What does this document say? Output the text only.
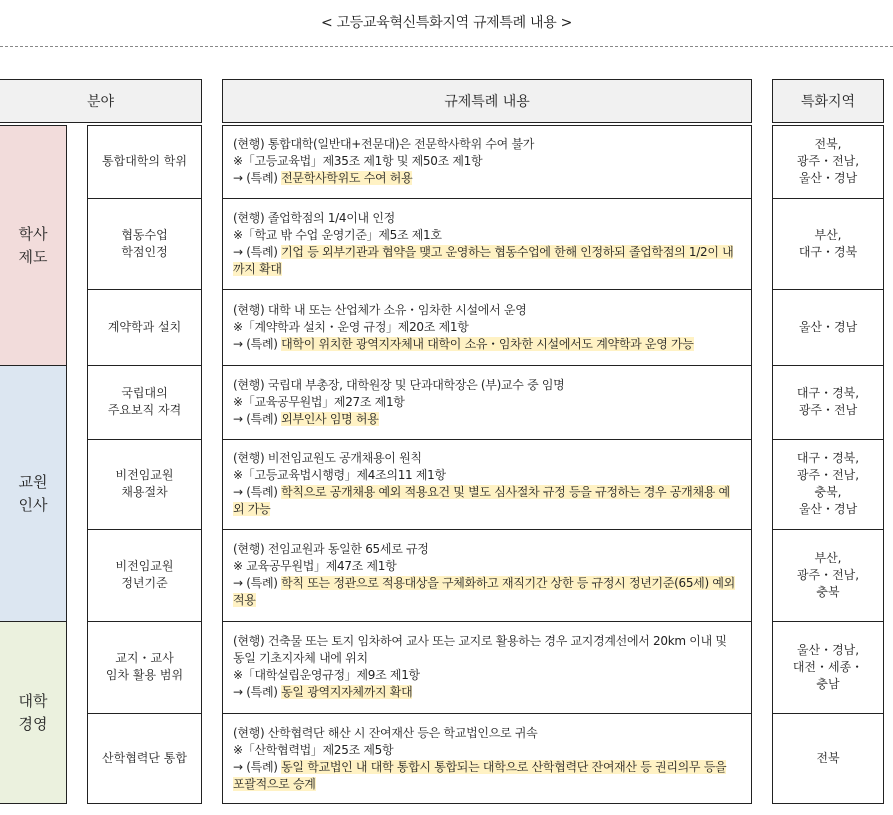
< 고등교육혁신특화지역 규제특례 내용 >
분야	규제특례 내용	특화지역
학사
제도
교원
인사
대학
경영
통합대학의 학위
(현행) 통합대학(일반대+전문대)은 전문학사학위 수여 불가
※「고등교육법」제35조 제1항 및 제50조 제1항
→ (특례) 전문학사학위도 수여 허용
전북,
광주・전남,
울산・경남
협동수업
학점인정
(현행) 졸업학점의 1/4이내 인정
※「학교 밖 수업 운영기준」제5조 제1호
→ (특례) 기업 등 외부기관과 협약을 맺고 운영하는 협동수업에 한해 인정하되 졸업학점의 1/2이 내 까지 확대
부산,
대구・경북
계약학과 설치
(현행) 대학 내 또는 산업체가 소유・임차한 시설에서 운영
※「계약학과 설치・운영 규정」제20조 제1항
→ (특례) 대학이 위치한 광역지자체내 대학이 소유・임차한 시설에서도 계약학과 운영 가능
울산・경남
국립대의
주요보직 자격
(현행) 국립대 부총장, 대학원장 및 단과대학장은 (부)교수 중 임명
※「교육공무원법」제27조 제1항
→ (특례) 외부인사 임명 허용
대구・경북,
광주・전남
비전임교원
채용절차
(현행) 비전임교원도 공개채용이 원칙
※「고등교육법시행령」제4조의11 제1항
→ (특례) 학칙으로 공개채용 예외 적용요건 및 별도 심사절차 규정 등을 규정하는 경우 공개채용 예외 가능
대구・경북,
광주・전남,
충북,
울산・경남
비전임교원
정년기준
(현행) 전임교원과 동일한 65세로 규정
※ 교육공무원법」제47조 제1항
→ (특례) 학칙 또는 정관으로 적용대상을 구체화하고 재직기간 상한 등 규정시 정년기준(65세) 예외 적용
부산,
광주・전남,
충북
교지・교사
임차 활용 범위
(현행) 건축물 또는 토지 임차하여 교사 또는 교지로 활용하는 경우 교지경계선에서 20km 이내 및 동일 기초지자체 내에 위치
※「대학설립운영규정」제9조 제1항
→ (특례) 동일 광역지자체까지 확대
울산・경남,
대전・세종・
충남
산학협력단 통합
(현행) 산학협력단 해산 시 잔여재산 등은 학교법인으로 귀속
※「산학협력법」제25조 제5항
→ (특례) 동일 학교법인 내 대학 통합시 통합되는 대학으로 산학협력단 잔여재산 등 권리의무 등을 포괄적으로 승계
전북
